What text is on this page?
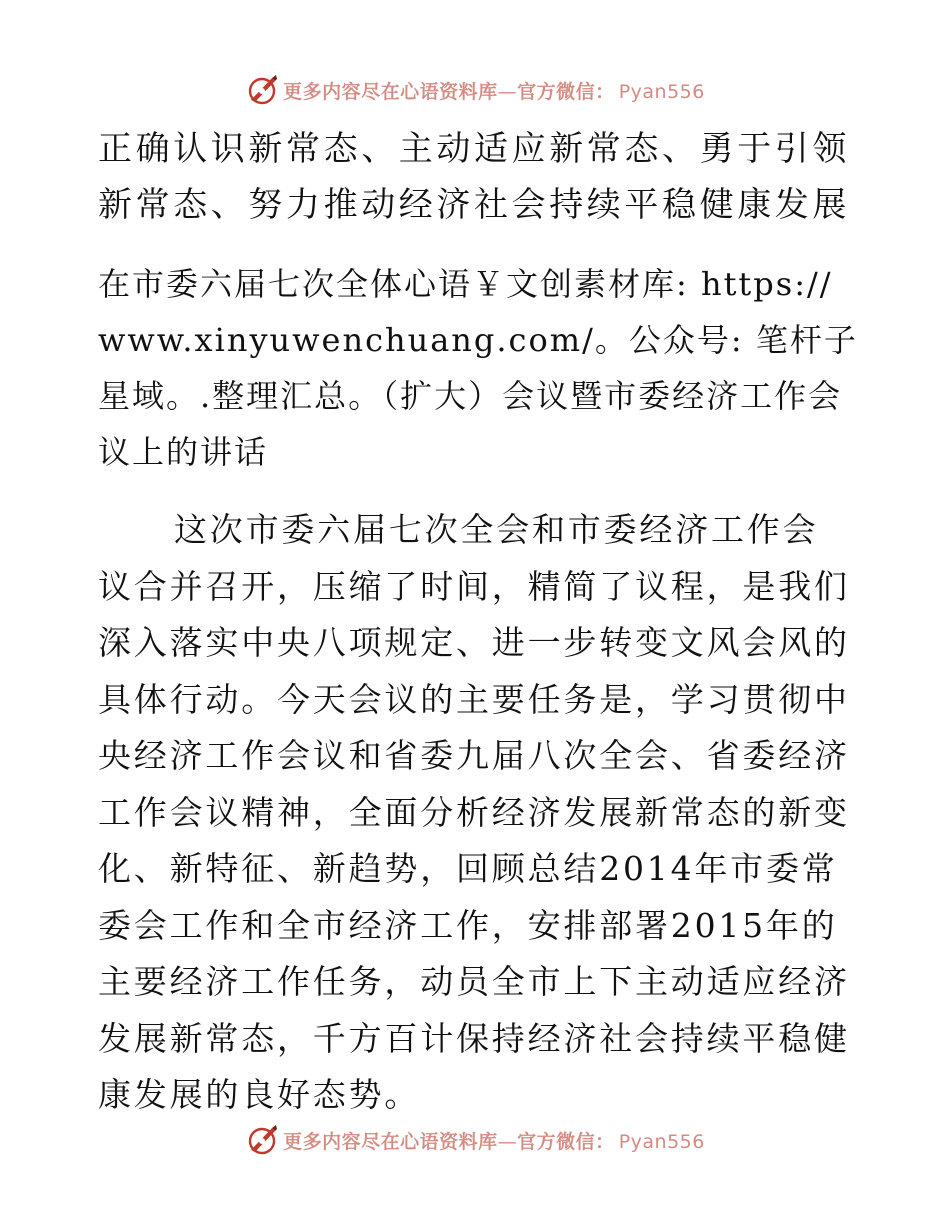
更多内容尽在心语资料库—官方微信： Pyan556
正确认识新常态、主动适应新常态、勇于引领新常态、努力推动经济社会持续平稳健康发展

在市委六届七次全体心语￥文创素材库: https://www.xinyuwenchuang.com/。公众号: 笔杆子星域。.整理汇总。（扩大）会议暨市委经济工作会议上的讲话

这次市委六届七次全会和市委经济工作会议合并召开，压缩了时间，精简了议程，是我们深入落实中央八项规定、进一步转变文风会风的具体行动。今天会议的主要任务是，学习贯彻中央经济工作会议和省委九届八次全会、省委经济工作会议精神，全面分析经济发展新常态的新变化、新特征、新趋势，回顾总结2014年市委常委会工作和全市经济工作，安排部署2015年的主要经济工作任务，动员全市上下主动适应经济发展新常态，千方百计保持经济社会持续平稳健康发展的良好态势。

更多内容尽在心语资料库—官方微信： Pyan556
